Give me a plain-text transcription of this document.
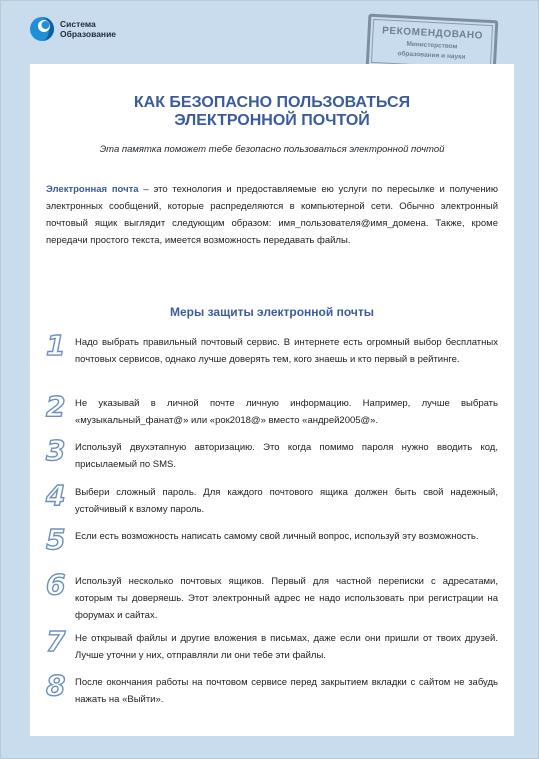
Система
Образование	РЕКОМЕНДОВАНО
Министерством
образования и науки
КАК БЕЗОПАСНО ПОЛЬЗОВАТЬСЯ
ЭЛЕКТРОННОЙ ПОЧТОЙ
Эта памятка поможет тебе безопасно пользоваться электронной почтой
Электронная почта – это технология и предоставляемые ею услуги по пересылке и получению электронных сообщений, которые распределяются в компьютерной сети. Обычно электронный почтовый ящик выглядит следующим образом: имя_пользователя@имя_домена. Также, кроме передачи простого текста, имеется возможность передавать файлы.
Меры защиты электронной почты
1	Надо выбрать правильный почтовый сервис. В интернете есть огромный выбор бесплатных почтовых сервисов, однако лучше доверять тем, кого знаешь и кто первый в рейтинге.
2	Не указывай в личной почте личную информацию. Например, лучше выбрать «музыкальный_фанат@» или «рок2018@» вместо «андрей2005@».
3	Используй двухэтапную авторизацию. Это когда помимо пароля нужно вводить код, присылаемый по SMS.
4	Выбери сложный пароль. Для каждого почтового ящика должен быть свой надежный, устойчивый к взлому пароль.
5	Если есть возможность написать самому свой личный вопрос, используй эту возможность.
6	Используй несколько почтовых ящиков. Первый для частной переписки с адресатами, которым ты доверяешь. Этот электронный адрес не надо использовать при регистрации на форумах и сайтах.
7	Не открывай файлы и другие вложения в письмах, даже если они пришли от твоих друзей. Лучше уточни у них, отправляли ли они тебе эти файлы.
8	После окончания работы на почтовом сервисе перед закрытием вкладки с сайтом не забудь нажать на «Выйти».
